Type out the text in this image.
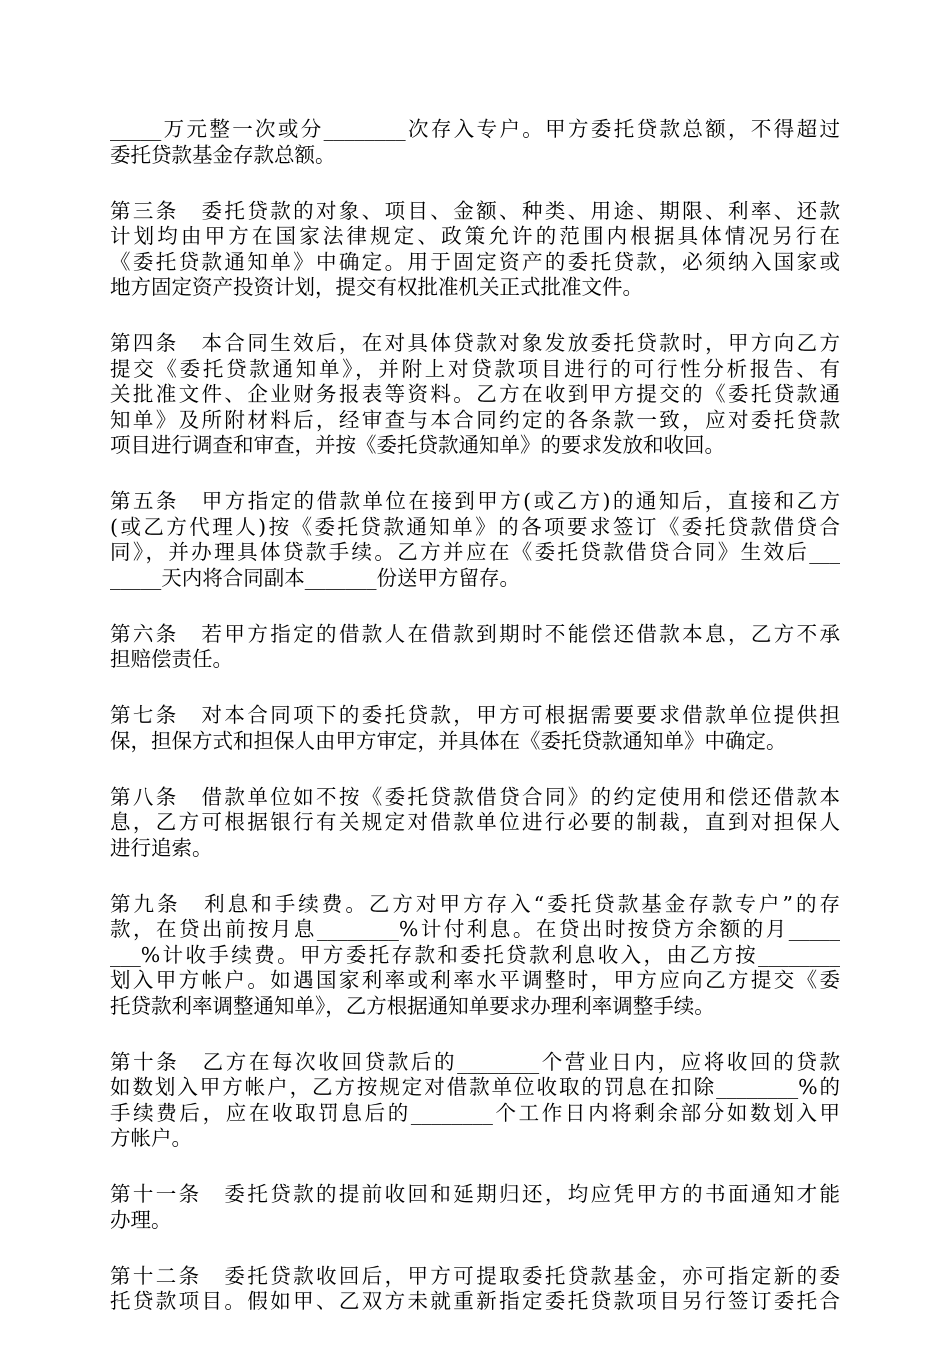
_____万元整一次或分________次存入专户。甲方委托贷款总额，不得超过
委托贷款基金存款总额。
第三条　委托贷款的对象、项目、金额、种类、用途、期限、利率、还款
计划均由甲方在国家法律规定、政策允许的范围内根据具体情况另行在
《委托贷款通知单》中确定。用于固定资产的委托贷款，必须纳入国家或
地方固定资产投资计划，提交有权批准机关正式批准文件。
第四条　本合同生效后，在对具体贷款对象发放委托贷款时，甲方向乙方
提交《委托贷款通知单》，并附上对贷款项目进行的可行性分析报告、有
关批准文件、企业财务报表等资料。乙方在收到甲方提交的《委托贷款通
知单》及所附材料后，经审查与本合同约定的各条款一致，应对委托贷款
项目进行调查和审查，并按《委托贷款通知单》的要求发放和收回。
第五条　甲方指定的借款单位在接到甲方(或乙方)的通知后，直接和乙方
(或乙方代理人)按《委托贷款通知单》的各项要求签订《委托贷款借贷合
同》，并办理具体贷款手续。乙方并应在《委托贷款借贷合同》生效后___
_____天内将合同副本_______份送甲方留存。
第六条　若甲方指定的借款人在借款到期时不能偿还借款本息，乙方不承
担赔偿责任。
第七条　对本合同项下的委托贷款，甲方可根据需要要求借款单位提供担
保，担保方式和担保人由甲方审定，并具体在《委托贷款通知单》中确定。
第八条　借款单位如不按《委托贷款借贷合同》的约定使用和偿还借款本
息，乙方可根据银行有关规定对借款单位进行必要的制裁，直到对担保人
进行追索。
第九条　利息和手续费。乙方对甲方存入“委托贷款基金存款专户”的存
款，在贷出前按月息________%计付利息。在贷出时按贷方余额的月_____
___%计收手续费。甲方委托存款和委托贷款利息收入，由乙方按________
划入甲方帐户。如遇国家利率或利率水平调整时，甲方应向乙方提交《委
托贷款利率调整通知单》，乙方根据通知单要求办理利率调整手续。
第十条　乙方在每次收回贷款后的________个营业日内，应将收回的贷款
如数划入甲方帐户，乙方按规定对借款单位收取的罚息在扣除________%的
手续费后，应在收取罚息后的________个工作日内将剩余部分如数划入甲
方帐户。
第十一条　委托贷款的提前收回和延期归还，均应凭甲方的书面通知才能
办理。
第十二条　委托贷款收回后，甲方可提取委托贷款基金，亦可指定新的委
托贷款项目。假如甲、乙双方未就重新指定委托贷款项目另行签订委托合
